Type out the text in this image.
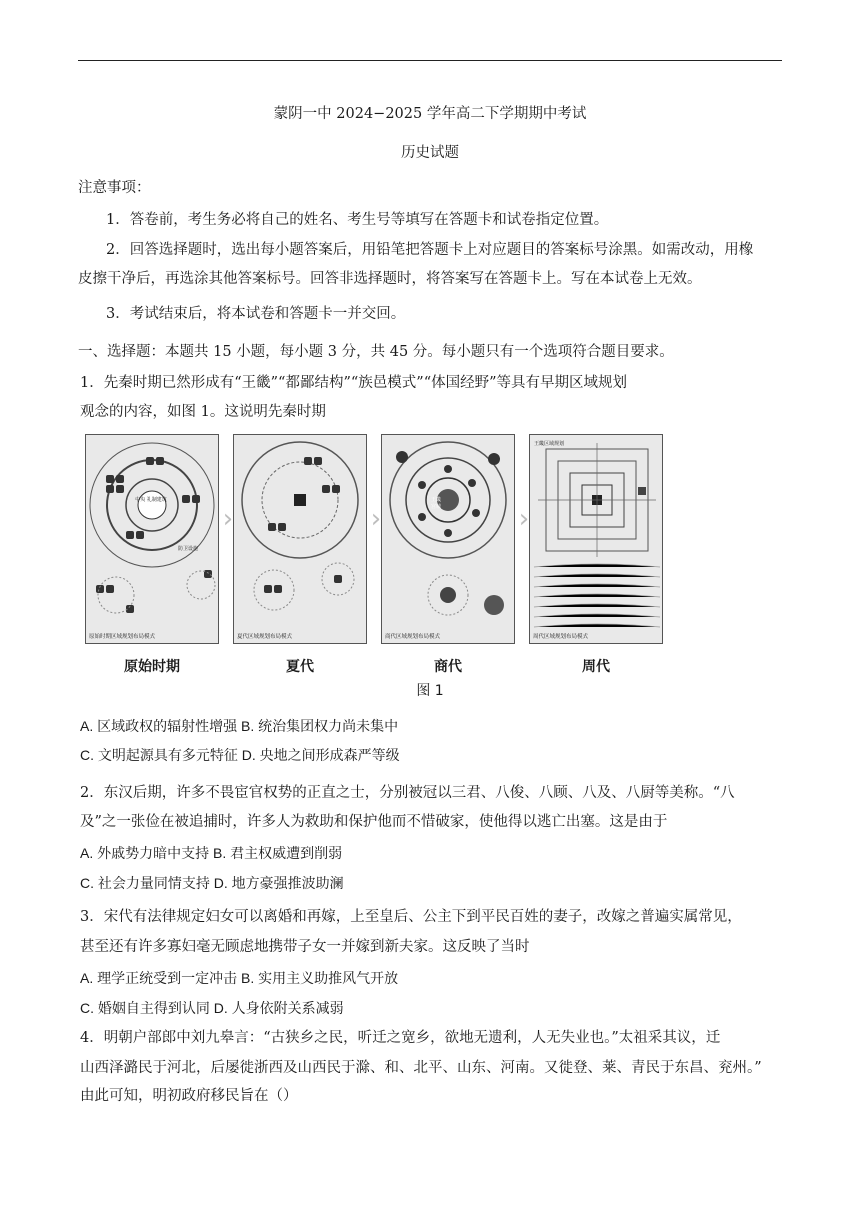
蒙阴一中 2024−2025 学年高二下学期期中考试
历史试题
注意事项：
1．答卷前，考生务必将自己的姓名、考生号等填写在答题卡和试卷指定位置。
2．回答选择题时，选出每小题答案后，用铅笔把答题卡上对应题目的答案标号涂黑。如需改动，用橡
皮擦干净后，再选涂其他答案标号。回答非选择题时，将答案写在答题卡上。写在本试卷上无效。
3．考试结束后，将本试卷和答题卡一并交回。
一、选择题：本题共 15 小题，每小题 3 分，共 45 分。每小题只有一个选项符合题目要求。
1．先秦时期已然形成有“王畿”“都鄙结构”“族邑模式”“体国经野”等具有早期区域规划
观念的内容，如图 1。这说明先秦时期
原始时期区域规划布局模式
›
夏代区域规划布局模式
›
商代区域规划布局模式
›
周代区域规划布局模式
原始时期	夏代	商代	周代
图 1
中央 礼制建筑
防卫设施
王畿 宫城
王畿区域规划
A. 区域政权的辐射性增强 B. 统治集团权力尚未集中
C. 文明起源具有多元特征 D. 央地之间形成森严等级
2．东汉后期，许多不畏宦官权势的正直之士，分别被冠以三君、八俊、八顾、八及、八厨等美称。“八
及”之一张俭在被追捕时，许多人为救助和保护他而不惜破家，使他得以逃亡出塞。这是由于
A. 外戚势力暗中支持 B. 君主权威遭到削弱
C. 社会力量同情支持 D. 地方豪强推波助澜
3．宋代有法律规定妇女可以离婚和再嫁，上至皇后、公主下到平民百姓的妻子，改嫁之普遍实属常见，
甚至还有许多寡妇毫无顾虑地携带子女一并嫁到新夫家。这反映了当时
A. 理学正统受到一定冲击 B. 实用主义助推风气开放
C. 婚姻自主得到认同 D. 人身依附关系减弱
4．明朝户部郎中刘九皋言：“古狭乡之民，听迁之宽乡，欲地无遗利，人无失业也。”太祖采其议，迁
山西泽潞民于河北，后屡徙浙西及山西民于滁、和、北平、山东、河南。又徙登、莱、青民于东昌、兖州。”
由此可知，明初政府移民旨在（）
